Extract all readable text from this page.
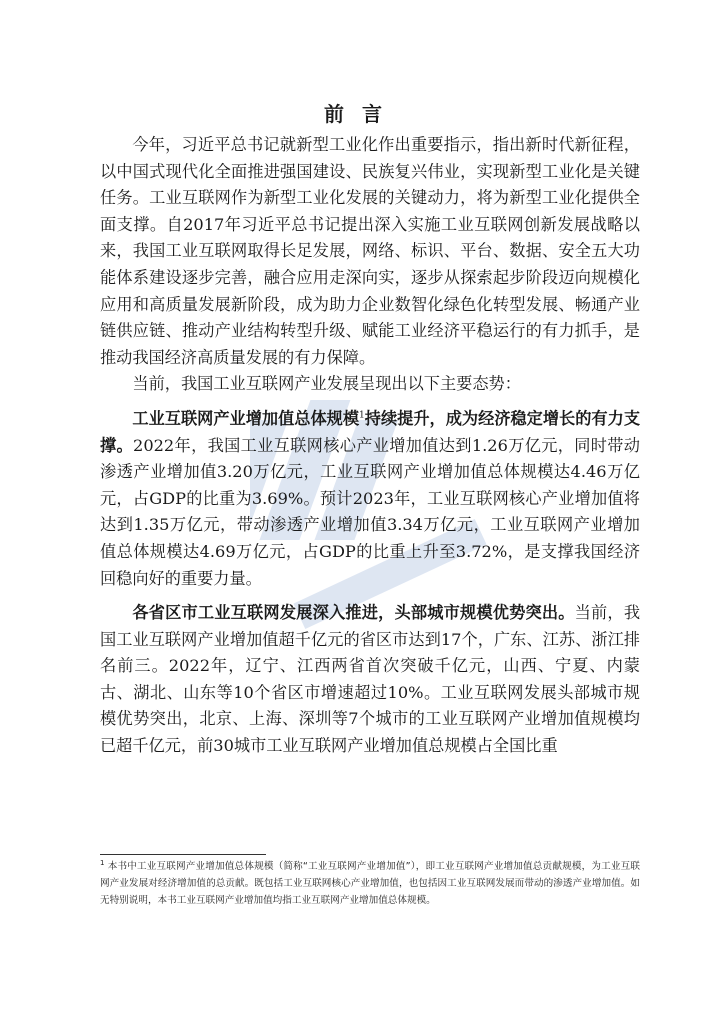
前言

今年，习近平总书记就新型工业化作出重要指示，指出新时代新征程，以中国式现代化全面推进强国建设、民族复兴伟业，实现新型工业化是关键任务。工业互联网作为新型工业化发展的关键动力，将为新型工业化提供全面支撑。自2017年习近平总书记提出深入实施工业互联网创新发展战略以来，我国工业互联网取得长足发展，网络、标识、平台、数据、安全五大功能体系建设逐步完善，融合应用走深向实，逐步从探索起步阶段迈向规模化应用和高质量发展新阶段，成为助力企业数智化绿色化转型发展、畅通产业链供应链、推动产业结构转型升级、赋能工业经济平稳运行的有力抓手，是推动我国经济高质量发展的有力保障。

当前，我国工业互联网产业发展呈现出以下主要态势：

工业互联网产业增加值总体规模$^1$持续提升，成为经济稳定增长的有力支撑。2022年，我国工业互联网核心产业增加值达到1.26万亿元，同时带动渗透产业增加值3.20万亿元，工业互联网产业增加值总体规模达4.46万亿元，占GDP的比重为3.69%。预计2023年，工业互联网核心产业增加值将达到1.35万亿元，带动渗透产业增加值3.34万亿元，工业互联网产业增加值总体规模达4.69万亿元，占GDP的比重上升至3.72%，是支撑我国经济回稳向好的重要力量。

各省区市工业互联网发展深入推进，头部城市规模优势突出。当前，我国工业互联网产业增加值超千亿元的省区市达到17个，广东、江苏、浙江排名前三。2022年，辽宁、江西两省首次突破千亿元，山西、宁夏、内蒙古、湖北、山东等10个省区市增速超过10%。工业互联网发展头部城市规模优势突出，北京、上海、深圳等7个城市的工业互联网产业增加值规模均已超千亿元，前30城市工业互联网产业增加值总规模占全国比重

$^1$ 本书中工业互联网产业增加值总体规模（简称“工业互联网产业增加值”），即工业互联网产业增加值总贡献规模，为工业互联网产业发展对经济增加值的总贡献。既包括工业互联网核心产业增加值，也包括因工业互联网发展而带动的渗透产业增加值。如无特别说明，本书工业互联网产业增加值均指工业互联网产业增加值总体规模。
